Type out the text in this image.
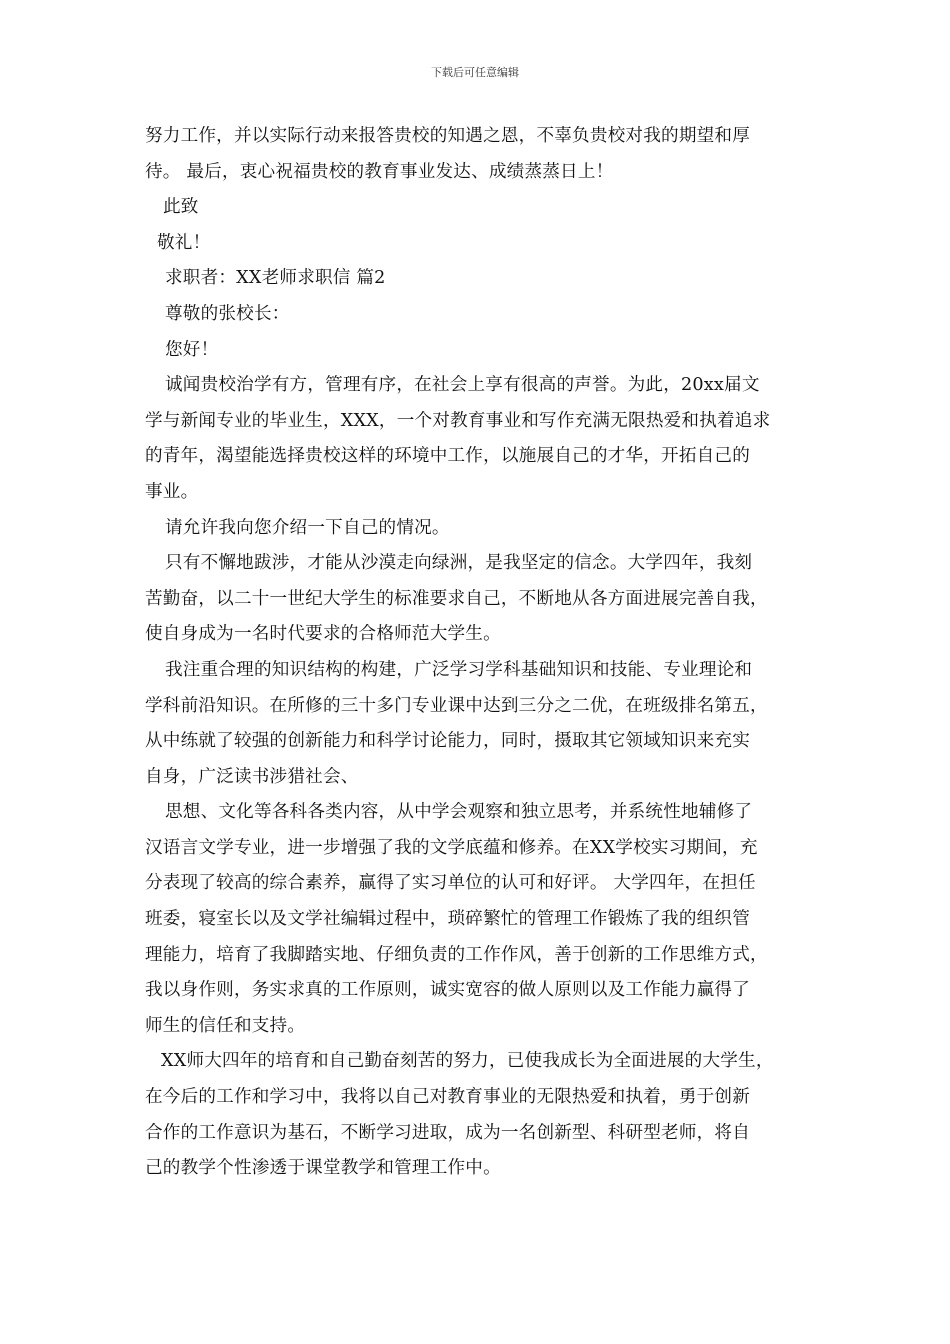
下载后可任意编辑
努力工作，并以实际行动来报答贵校的知遇之恩，不辜负贵校对我的期望和厚
待。 最后，衷心祝福贵校的教育事业发达、成绩蒸蒸日上！
此致
敬礼！
求职者：XX老师求职信 篇2
尊敬的张校长：
您好！
诚闻贵校治学有方，管理有序，在社会上享有很高的声誉。为此，20xx届文
学与新闻专业的毕业生，XXX，一个对教育事业和写作充满无限热爱和执着追求
的青年，渴望能选择贵校这样的环境中工作，以施展自己的才华，开拓自己的
事业。
请允许我向您介绍一下自己的情况。
只有不懈地跋涉，才能从沙漠走向绿洲，是我坚定的信念。大学四年，我刻
苦勤奋，以二十一世纪大学生的标准要求自己，不断地从各方面进展完善自我，
使自身成为一名时代要求的合格师范大学生。
我注重合理的知识结构的构建，广泛学习学科基础知识和技能、专业理论和
学科前沿知识。在所修的三十多门专业课中达到三分之二优，在班级排名第五，
从中练就了较强的创新能力和科学讨论能力，同时，摄取其它领域知识来充实
自身，广泛读书涉猎社会、
思想、文化等各科各类内容，从中学会观察和独立思考，并系统性地辅修了
汉语言文学专业，进一步增强了我的文学底蕴和修养。在XX学校实习期间，充
分表现了较高的综合素养，赢得了实习单位的认可和好评。 大学四年，在担任
班委，寝室长以及文学社编辑过程中，琐碎繁忙的管理工作锻炼了我的组织管
理能力，培育了我脚踏实地、仔细负责的工作作风，善于创新的工作思维方式，
我以身作则，务实求真的工作原则，诚实宽容的做人原则以及工作能力赢得了
师生的信任和支持。
XX师大四年的培育和自己勤奋刻苦的努力，已使我成长为全面进展的大学生，
在今后的工作和学习中，我将以自己对教育事业的无限热爱和执着，勇于创新
合作的工作意识为基石，不断学习进取，成为一名创新型、科研型老师，将自
己的教学个性渗透于课堂教学和管理工作中。
